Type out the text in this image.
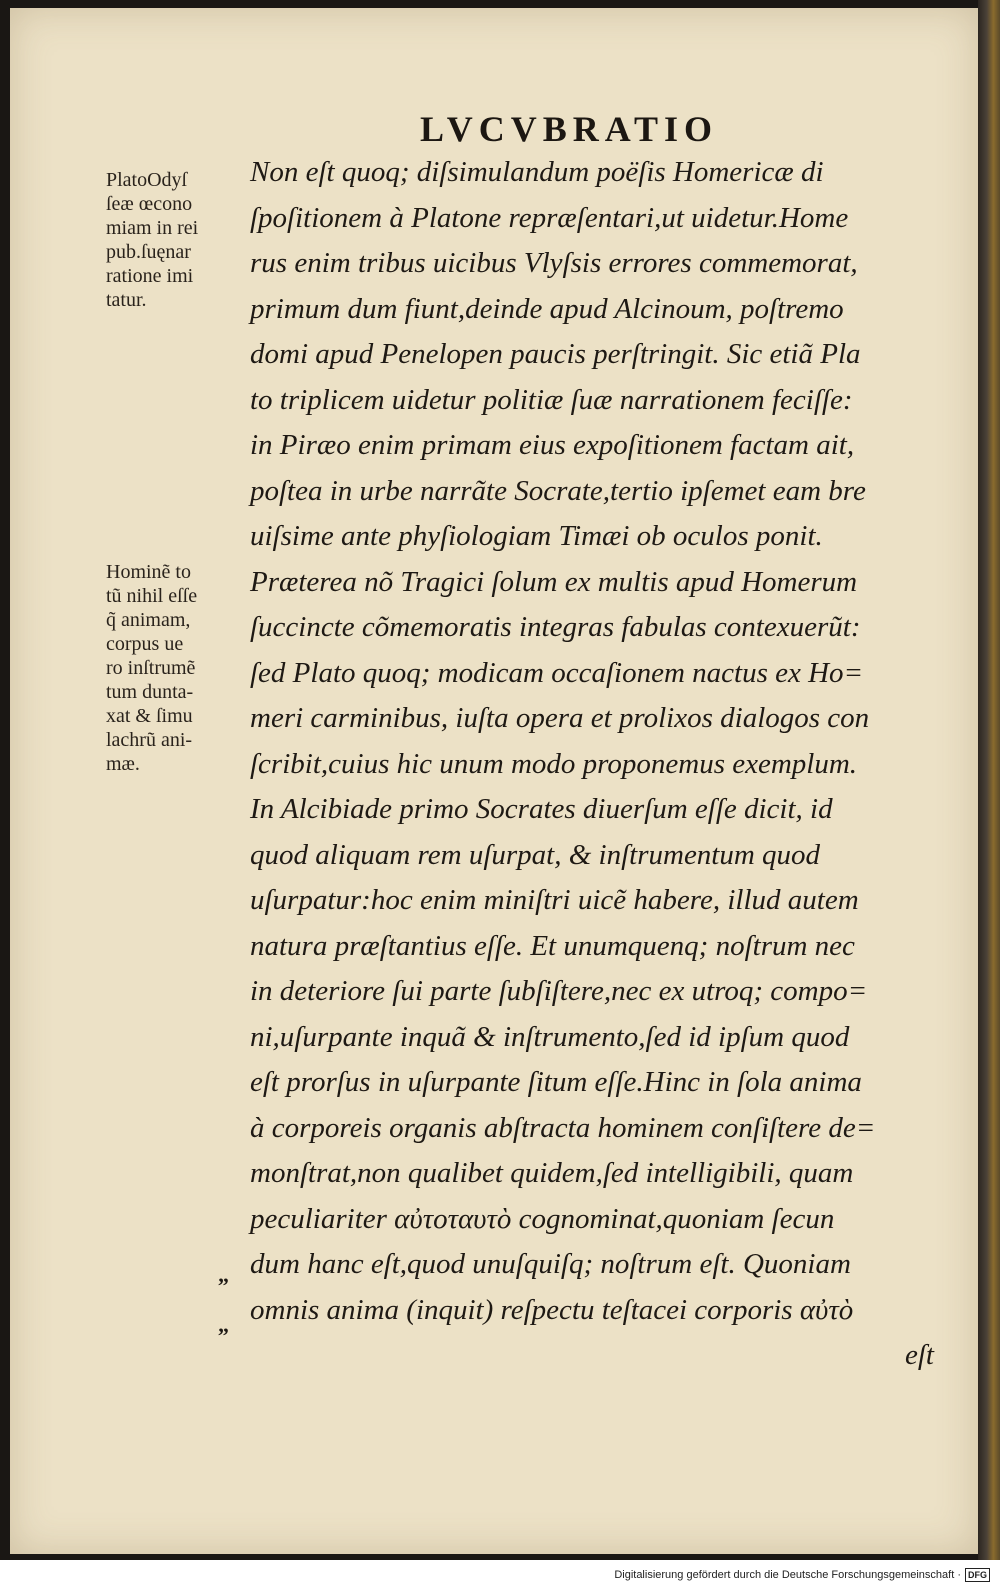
LVCVBRATIO
PlatoOdyſ
ſeæ œcono
miam in rei
pub.ſuęnar
ratione imi
tatur.
Hominẽ to
tũ nihil eſſe
q̃ animam,
corpus ue
ro inſtrumẽ
tum dunta-
xat & ſimu
lachrũ ani-
mæ.
Non eſt quoq; diſsimulandum poëſis Homericæ di
ſpoſitionem à Platone repræſentari,ut uidetur.Home
rus enim tribus uicibus Vlyſsis errores commemorat,
primum dum fiunt,deinde apud Alcinoum, poſtremo
domi apud Penelopen paucis perſtringit. Sic etiã Pla
to triplicem uidetur politiæ ſuæ narrationem feciſſe:
in Piræo enim primam eius expoſitionem factam ait,
poſtea in urbe narrãte Socrate,tertio ipſemet eam bre
uiſsime ante phyſiologiam Timæi ob oculos ponit.
Præterea nõ Tragici ſolum ex multis apud Homerum
ſuccincte cõmemoratis integras fabulas contexuerũt:
ſed Plato quoq; modicam occaſionem nactus ex Ho=
meri carminibus, iuſta opera et prolixos dialogos con
ſcribit,cuius hic unum modo proponemus exemplum.
In Alcibiade primo Socrates diuerſum eſſe dicit, id
quod aliquam rem uſurpat, & inſtrumentum quod
uſurpatur:hoc enim miniſtri uicẽ habere, illud autem
natura præſtantius eſſe. Et unumquenq; noſtrum nec
in deteriore ſui parte ſubſiſtere,nec ex utroq; compo=
ni,uſurpante inquã & inſtrumento,ſed id ipſum quod
eſt prorſus in uſurpante ſitum eſſe.Hinc in ſola anima
à corporeis organis abſtracta hominem conſiſtere de=
monſtrat,non qualibet quidem,ſed intelligibili, quam
peculiariter αὐτοταυτὸ cognominat,quoniam ſecun
dum hanc eſt,quod unuſquiſq; noſtrum eſt. Quoniam
omnis anima (inquit) reſpectu teſtacei corporis αὐτὸ
eſt
„
„
Digitalisierung gefördert durch die Deutsche Forschungsgemeinschaft · DFG
